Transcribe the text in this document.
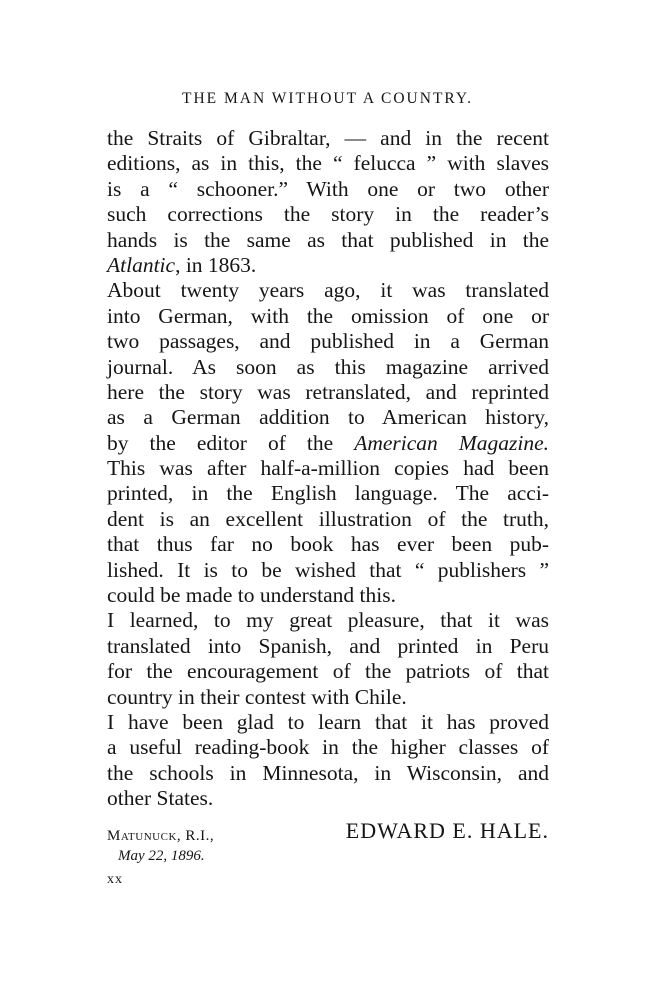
THE MAN WITHOUT A COUNTRY.
the Straits of Gibraltar, — and in the recent
editions, as in this, the “ felucca ” with slaves
is a “ schooner.” With one or two other
such corrections the story in the reader’s
hands is the same as that published in the
Atlantic, in 1863.
About twenty years ago, it was translated
into German, with the omission of one or
two passages, and published in a German
journal. As soon as this magazine arrived
here the story was retranslated, and reprinted
as a German addition to American history,
by the editor of the American Magazine.
This was after half-a-million copies had been
printed, in the English language. The acci-
dent is an excellent illustration of the truth,
that thus far no book has ever been pub-
lished. It is to be wished that “ publishers ”
could be made to understand this.
I learned, to my great pleasure, that it was
translated into Spanish, and printed in Peru
for the encouragement of the patriots of that
country in their contest with Chile.
I have been glad to learn that it has proved
a useful reading-book in the higher classes of
the schools in Minnesota, in Wisconsin, and
other States.
EDWARD E. HALE.
Matunuck, R.I.,
May 22, 1896.
xx
